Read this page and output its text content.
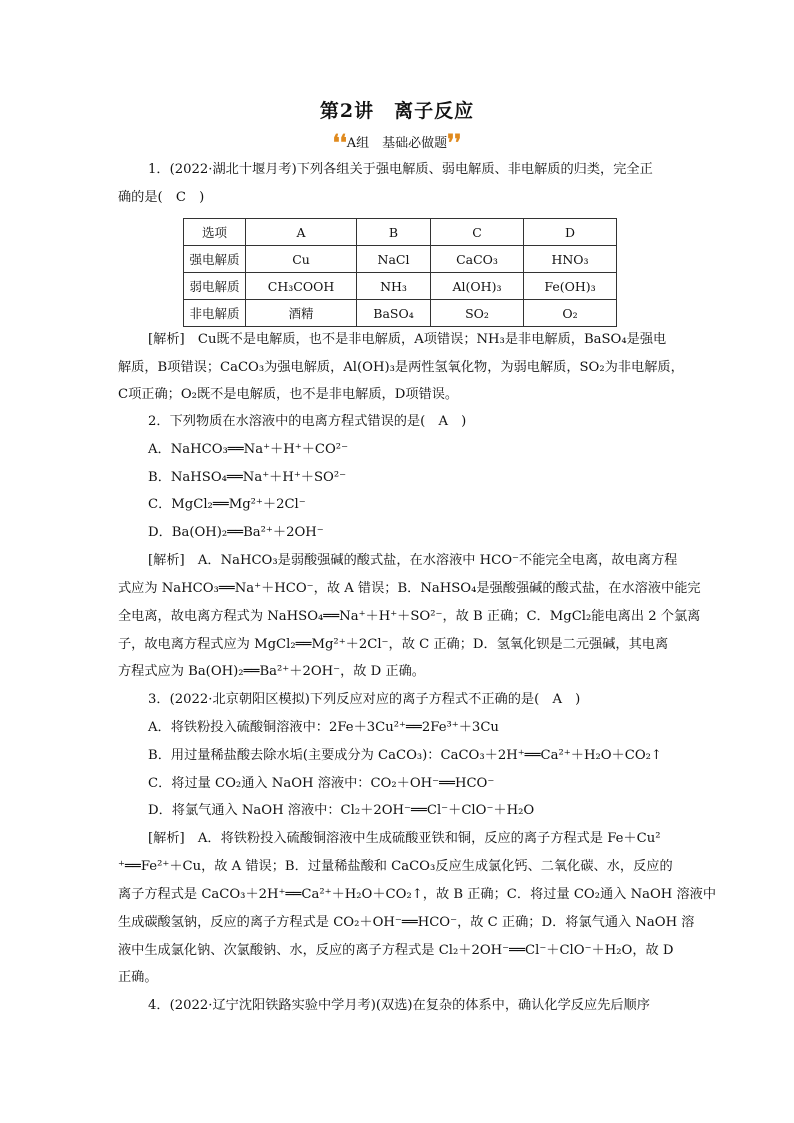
第2讲　离子反应
❛❛A组　基础必做题❜❜
1．(2022·湖北十堰月考)下列各组关于强电解质、弱电解质、非电解质的归类，完全正
确的是(　C　)
选项	A	B	C	D
强电解质	Cu	NaCl	CaCO₃	HNO₃
弱电解质	CH₃COOH	NH₃	Al(OH)₃	Fe(OH)₃
非电解质	酒精	BaSO₄	SO₂	O₂
[解析]　Cu既不是电解质，也不是非电解质，A项错误；NH₃是非电解质，BaSO₄是强电
解质，B项错误；CaCO₃为强电解质，Al(OH)₃是两性氢氧化物，为弱电解质，SO₂为非电解质，
C项正确；O₂既不是电解质，也不是非电解质，D项错误。
2．下列物质在水溶液中的电离方程式错误的是(　A　)
A．NaHCO₃══Na⁺＋H⁺＋CO²⁻
B．NaHSO₄══Na⁺＋H⁺＋SO²⁻
C．MgCl₂══Mg²⁺＋2Cl⁻
D．Ba(OH)₂══Ba²⁺＋2OH⁻
[解析]　A．NaHCO₃是弱酸强碱的酸式盐，在水溶液中 HCO⁻不能完全电离，故电离方程
式应为 NaHCO₃══Na⁺＋HCO⁻，故 A 错误；B．NaHSO₄是强酸强碱的酸式盐，在水溶液中能完
全电离，故电离方程式为 NaHSO₄══Na⁺＋H⁺＋SO²⁻，故 B 正确；C．MgCl₂能电离出 2 个氯离
子，故电离方程式应为 MgCl₂══Mg²⁺＋2Cl⁻，故 C 正确；D．氢氧化钡是二元强碱，其电离
方程式应为 Ba(OH)₂══Ba²⁺＋2OH⁻，故 D 正确。
3．(2022·北京朝阳区模拟)下列反应对应的离子方程式不正确的是(　A　)
A．将铁粉投入硫酸铜溶液中：2Fe＋3Cu²⁺══2Fe³⁺＋3Cu
B．用过量稀盐酸去除水垢(主要成分为 CaCO₃)：CaCO₃＋2H⁺══Ca²⁺＋H₂O＋CO₂↑
C．将过量 CO₂通入 NaOH 溶液中：CO₂＋OH⁻══HCO⁻
D．将氯气通入 NaOH 溶液中：Cl₂＋2OH⁻══Cl⁻＋ClO⁻＋H₂O
[解析]　A．将铁粉投入硫酸铜溶液中生成硫酸亚铁和铜，反应的离子方程式是 Fe＋Cu²
⁺══Fe²⁺＋Cu，故 A 错误；B．过量稀盐酸和 CaCO₃反应生成氯化钙、二氧化碳、水，反应的
离子方程式是 CaCO₃＋2H⁺══Ca²⁺＋H₂O＋CO₂↑，故 B 正确；C．将过量 CO₂通入 NaOH 溶液中
生成碳酸氢钠，反应的离子方程式是 CO₂＋OH⁻══HCO⁻，故 C 正确；D．将氯气通入 NaOH 溶
液中生成氯化钠、次氯酸钠、水，反应的离子方程式是 Cl₂＋2OH⁻══Cl⁻＋ClO⁻＋H₂O，故 D
正确。
4．(2022·辽宁沈阳铁路实验中学月考)(双选)在复杂的体系中，确认化学反应先后顺序
